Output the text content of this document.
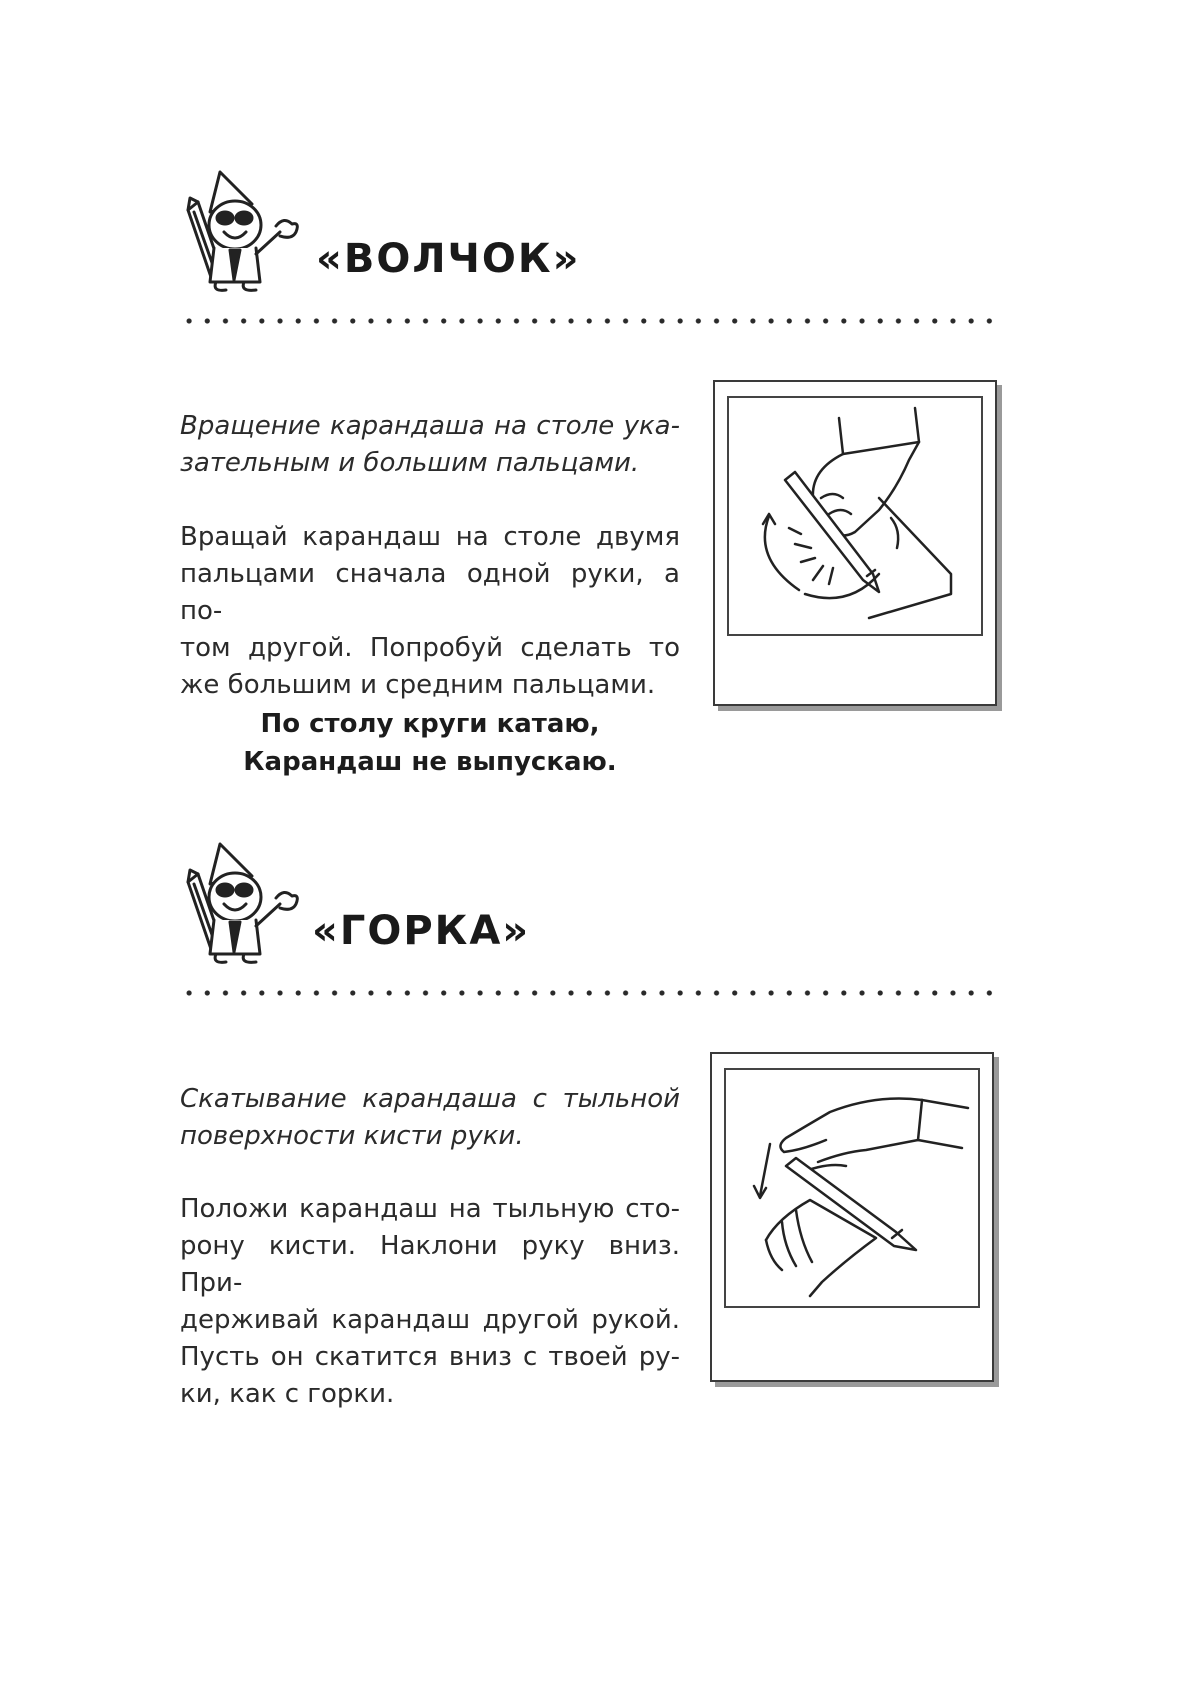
«ВОЛЧОК»

Вращение карандаша на столе ука-
зательным и большим пальцами.

Вращай карандаш на столе двумя
пальцами сначала одной руки, а по-
том другой. Попробуй сделать то
же большим и средним пальцами.

По столу круги катаю,
Карандаш не выпускаю.

«ГОРКА»

Скатывание карандаша с тыльной
поверхности кисти руки.

Положи карандаш на тыльную сто-
рону кисти. Наклони руку вниз. При-
держивай карандаш другой рукой.
Пусть он скатится вниз с твоей ру-
ки, как с горки.
